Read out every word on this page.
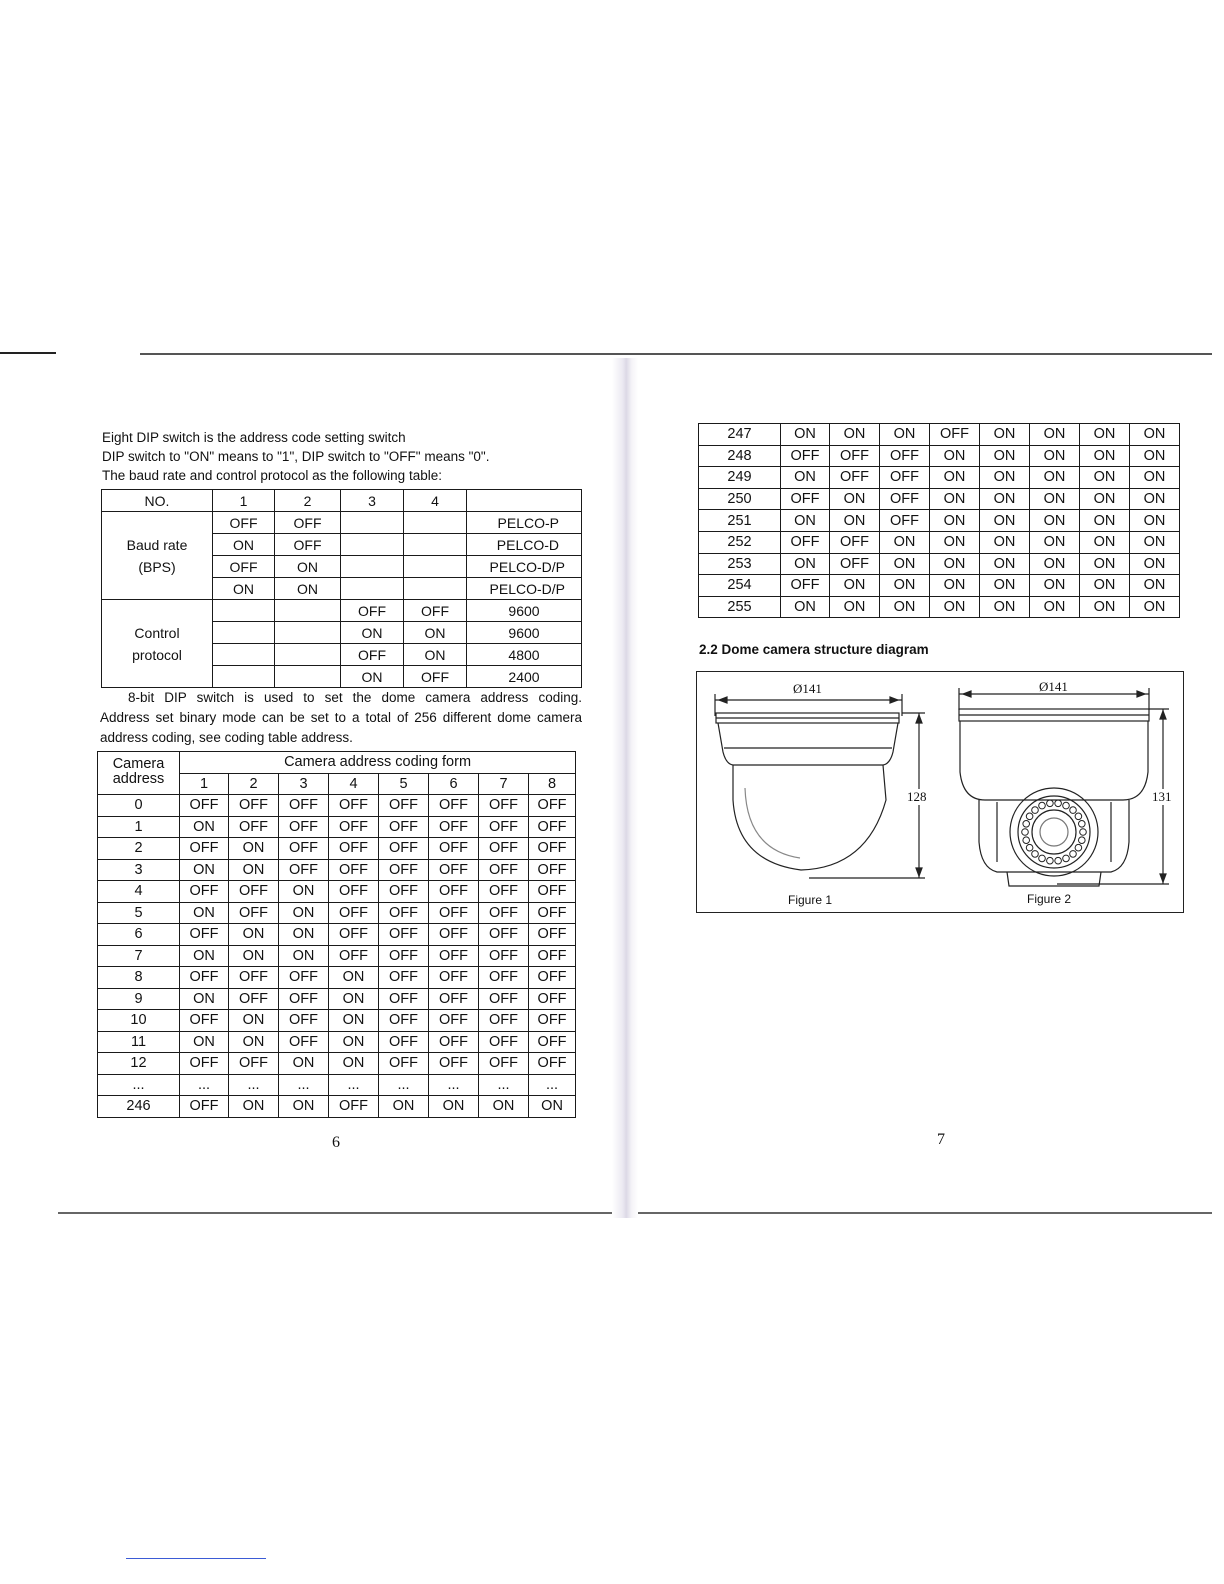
Eight DIP switch is the address code setting switch

DIP switch to "ON" means to "1", DIP switch to "OFF" means "0".

The baud rate and control protocol as the following table:

NO.	1	2	3	4	

Baud rate
(BPS)	OFF	OFF			PELCO-P
	ON	OFF			PELCO-D
	OFF	ON			PELCO-D/P
	ON	ON			PELCO-D/P

Control
protocol			OFF	OFF	9600
			ON	ON	9600
			OFF	ON	4800
			ON	OFF	2400
8-bit DIP switch is used to set the dome camera address coding.
Address set binary mode can be set to a total of 256 different dome camera
address coding, see coding table address.
Camera
address	Camera address coding form							
	1	2	3	4	5	6	7	8
0	OFF	OFF	OFF	OFF	OFF	OFF	OFF	OFF
1	ON	OFF	OFF	OFF	OFF	OFF	OFF	OFF
2	OFF	ON	OFF	OFF	OFF	OFF	OFF	OFF
3	ON	ON	OFF	OFF	OFF	OFF	OFF	OFF
4	OFF	OFF	ON	OFF	OFF	OFF	OFF	OFF
5	ON	OFF	ON	OFF	OFF	OFF	OFF	OFF
6	OFF	ON	ON	OFF	OFF	OFF	OFF	OFF
7	ON	ON	ON	OFF	OFF	OFF	OFF	OFF
8	OFF	OFF	OFF	ON	OFF	OFF	OFF	OFF
9	ON	OFF	OFF	ON	OFF	OFF	OFF	OFF
10	OFF	ON	OFF	ON	OFF	OFF	OFF	OFF
11	ON	ON	OFF	ON	OFF	OFF	OFF	OFF
12	OFF	OFF	ON	ON	OFF	OFF	OFF	OFF
...	...	...	...	...	...	...	...	...
246	OFF	ON	ON	OFF	ON	ON	ON	ON
6
247	ON	ON	ON	OFF	ON	ON	ON	ON
248	OFF	OFF	OFF	ON	ON	ON	ON	ON
249	ON	OFF	OFF	ON	ON	ON	ON	ON
250	OFF	ON	OFF	ON	ON	ON	ON	ON
251	ON	ON	OFF	ON	ON	ON	ON	ON
252	OFF	OFF	ON	ON	ON	ON	ON	ON
253	ON	OFF	ON	ON	ON	ON	ON	ON
254	OFF	ON	ON	ON	ON	ON	ON	ON
255	ON	ON	ON	ON	ON	ON	ON	ON
2.2 Dome camera structure diagram
Ø141
128
Figure 1
Ø141
131
Figure 2
7
